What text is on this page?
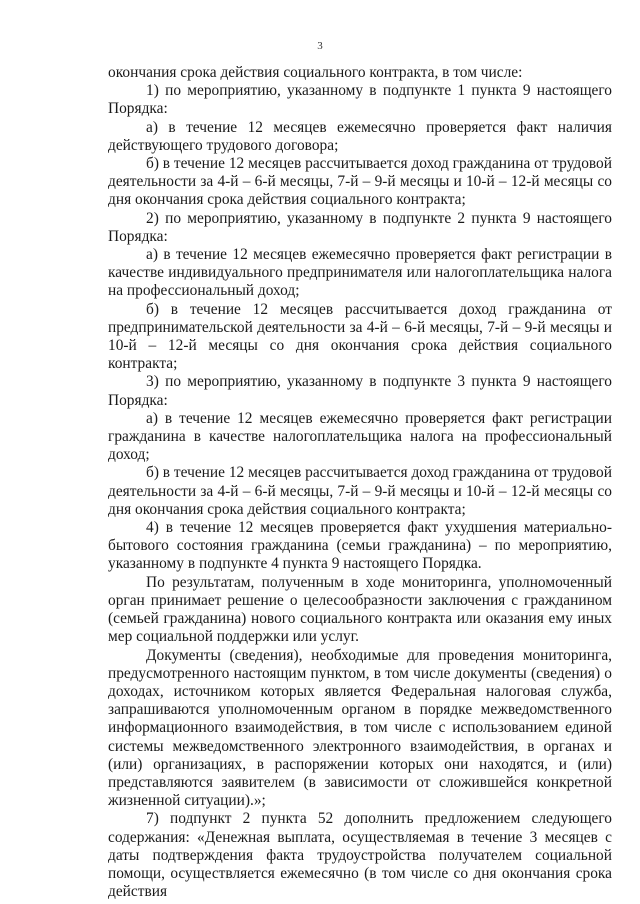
3

окончания срока действия социального контракта, в том числе:

1) по мероприятию, указанному в подпункте 1 пункта 9 настоящего Порядка:

а) в течение 12 месяцев ежемесячно проверяется факт наличия действующего трудового договора;

б) в течение 12 месяцев рассчитывается доход гражданина от трудовой деятельности за 4-й – 6-й месяцы, 7-й – 9-й месяцы и 10-й – 12-й месяцы со дня окончания срока действия социального контракта;

2) по мероприятию, указанному в подпункте 2 пункта 9 настоящего Порядка:

а) в течение 12 месяцев ежемесячно проверяется факт регистрации в качестве индивидуального предпринимателя или налогоплательщика налога на профессиональный доход;

б) в течение 12 месяцев рассчитывается доход гражданина от предпринимательской деятельности за 4-й – 6-й месяцы, 7-й – 9-й месяцы и 10-й – 12-й месяцы со дня окончания срока действия социального контракта;

3) по мероприятию, указанному в подпункте 3 пункта 9 настоящего Порядка:

а) в течение 12 месяцев ежемесячно проверяется факт регистрации гражданина в качестве налогоплательщика налога на профессиональный доход;

б) в течение 12 месяцев рассчитывается доход гражданина от трудовой деятельности за 4-й – 6-й месяцы, 7-й – 9-й месяцы и 10-й – 12-й месяцы со дня окончания срока действия социального контракта;

4) в течение 12 месяцев проверяется факт ухудшения материально-бытового состояния гражданина (семьи гражданина) – по мероприятию, указанному в подпункте 4 пункта 9 настоящего Порядка.

По результатам, полученным в ходе мониторинга, уполномоченный орган принимает решение о целесообразности заключения с гражданином (семьей гражданина) нового социального контракта или оказания ему иных мер социальной поддержки или услуг.

Документы (сведения), необходимые для проведения мониторинга, предусмотренного настоящим пунктом, в том числе документы (сведения) о доходах, источником которых является Федеральная налоговая служба, запрашиваются уполномоченным органом в порядке межведомственного информационного взаимодействия, в том числе с использованием единой системы межведомственного электронного взаимодействия, в органах и (или) организациях, в распоряжении которых они находятся, и (или) представляются заявителем (в зависимости от сложившейся конкретной жизненной ситуации).»;

7) подпункт 2 пункта 52 дополнить предложением следующего содержания: «Денежная выплата, осуществляемая в течение 3 месяцев с даты подтверждения факта трудоустройства получателем социальной помощи, осуществляется ежемесячно (в том числе со дня окончания срока действия
